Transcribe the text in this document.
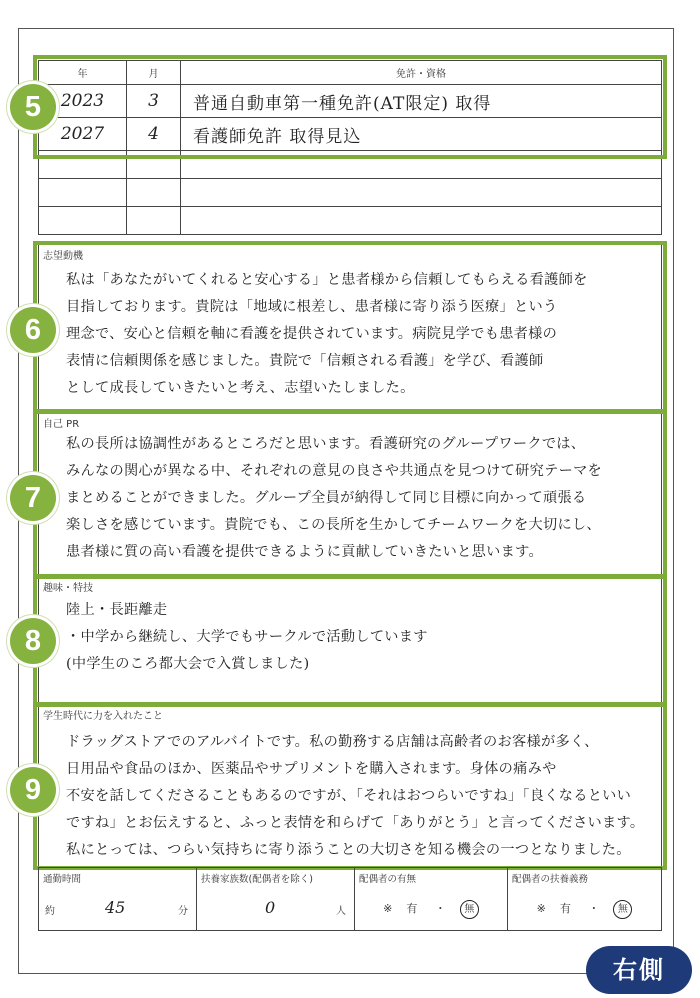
年	月	免許・資格
2023	3	普通自動車第一種免許(AT限定) 取得
2027	4	看護師免許 取得見込

志望動機
私は「あなたがいてくれると安心する」と患者様から信頼してもらえる看護師を
目指しております。貴院は「地域に根差し、患者様に寄り添う医療」という
理念で、安心と信頼を軸に看護を提供されています。病院見学でも患者様の
表情に信頼関係を感じました。貴院で「信頼される看護」を学び、看護師
として成長していきたいと考え、志望いたしました。
自己 PR
私の長所は協調性があるところだと思います。看護研究のグループワークでは、
みんなの関心が異なる中、それぞれの意見の良さや共通点を見つけて研究テーマを
まとめることができました。グループ全員が納得して同じ目標に向かって頑張る
楽しさを感じています。貴院でも、この長所を生かしてチームワークを大切にし、
患者様に質の高い看護を提供できるように貢献していきたいと思います。
趣味・特技
陸上・長距離走
・中学から継続し、大学でもサークルで活動しています
(中学生のころ都大会で入賞しました)
学生時代に力を入れたこと
ドラッグストアでのアルバイトです。私の勤務する店舗は高齢者のお客様が多く、
日用品や食品のほか、医薬品やサプリメントを購入されます。身体の痛みや
不安を話してくださることもあるのですが、「それはおつらいですね」「良くなるといい
ですね」とお伝えすると、ふっと表情を和らげて「ありがとう」と言ってくださいます。
私にとっては、つらい気持ちに寄り添うことの大切さを知る機会の一つとなりました。
5
6
7
8
9
通勤時間
約	45	分
扶養家族数(配偶者を除く)
0	人
配偶者の有無
※ 有 ・ 無
配偶者の扶養義務
※ 有 ・ 無
右側
